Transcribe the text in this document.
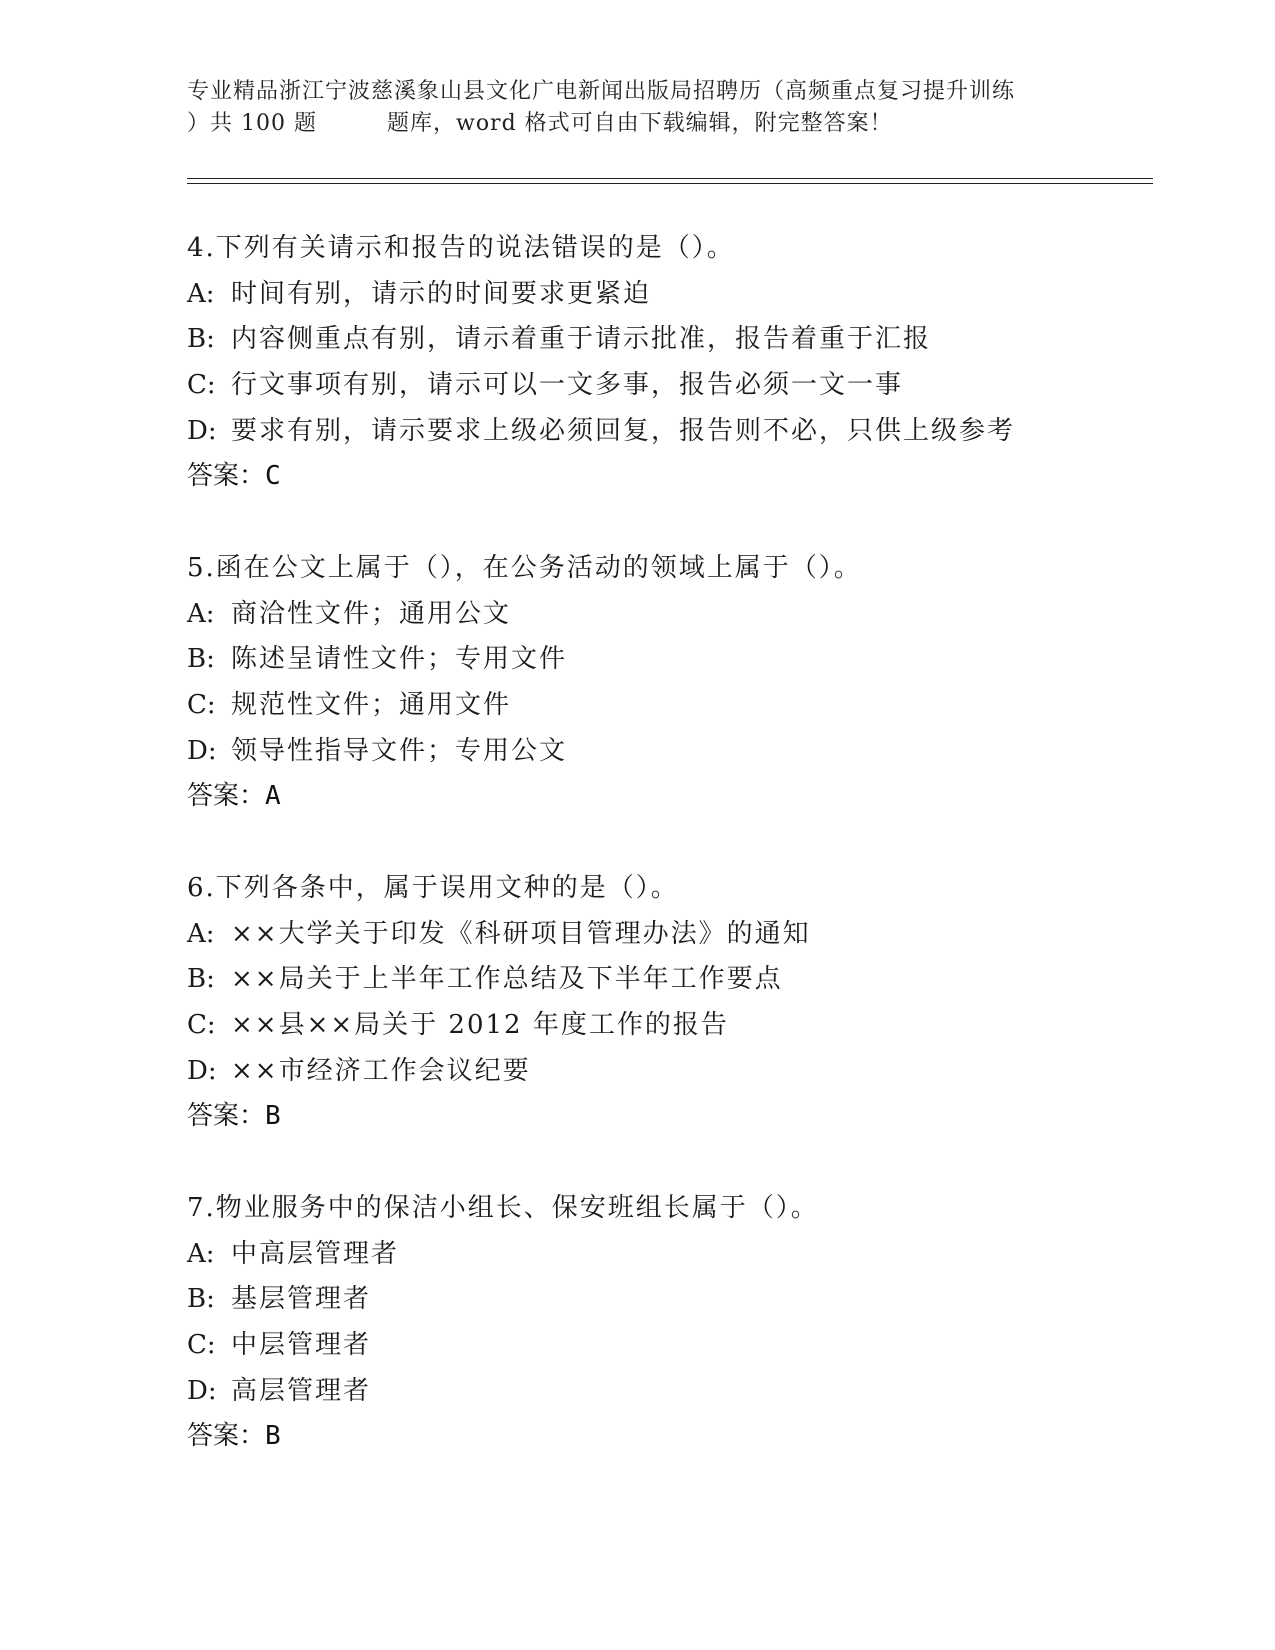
专业精品浙江宁波慈溪象山县文化广电新闻出版局招聘历（高频重点复习提升训练
）共 100 题	题库，word 格式可自由下载编辑，附完整答案！
4.下列有关请示和报告的说法错误的是（）。
A: 时间有别，请示的时间要求更紧迫
B: 内容侧重点有别，请示着重于请示批准，报告着重于汇报
C: 行文事项有别，请示可以一文多事，报告必须一文一事
D: 要求有别，请示要求上级必须回复，报告则不必，只供上级参考
答案：C
5.函在公文上属于（），在公务活动的领域上属于（）。
A: 商洽性文件；通用公文
B: 陈述呈请性文件；专用文件
C: 规范性文件；通用文件
D: 领导性指导文件；专用公文
答案：A
6.下列各条中，属于误用文种的是（）。
A: ××大学关于印发《科研项目管理办法》的通知
B: ××局关于上半年工作总结及下半年工作要点
C: ××县××局关于 2012 年度工作的报告
D: ××市经济工作会议纪要
答案：B
7.物业服务中的保洁小组长、保安班组长属于（）。
A: 中高层管理者
B: 基层管理者
C: 中层管理者
D: 高层管理者
答案：B
